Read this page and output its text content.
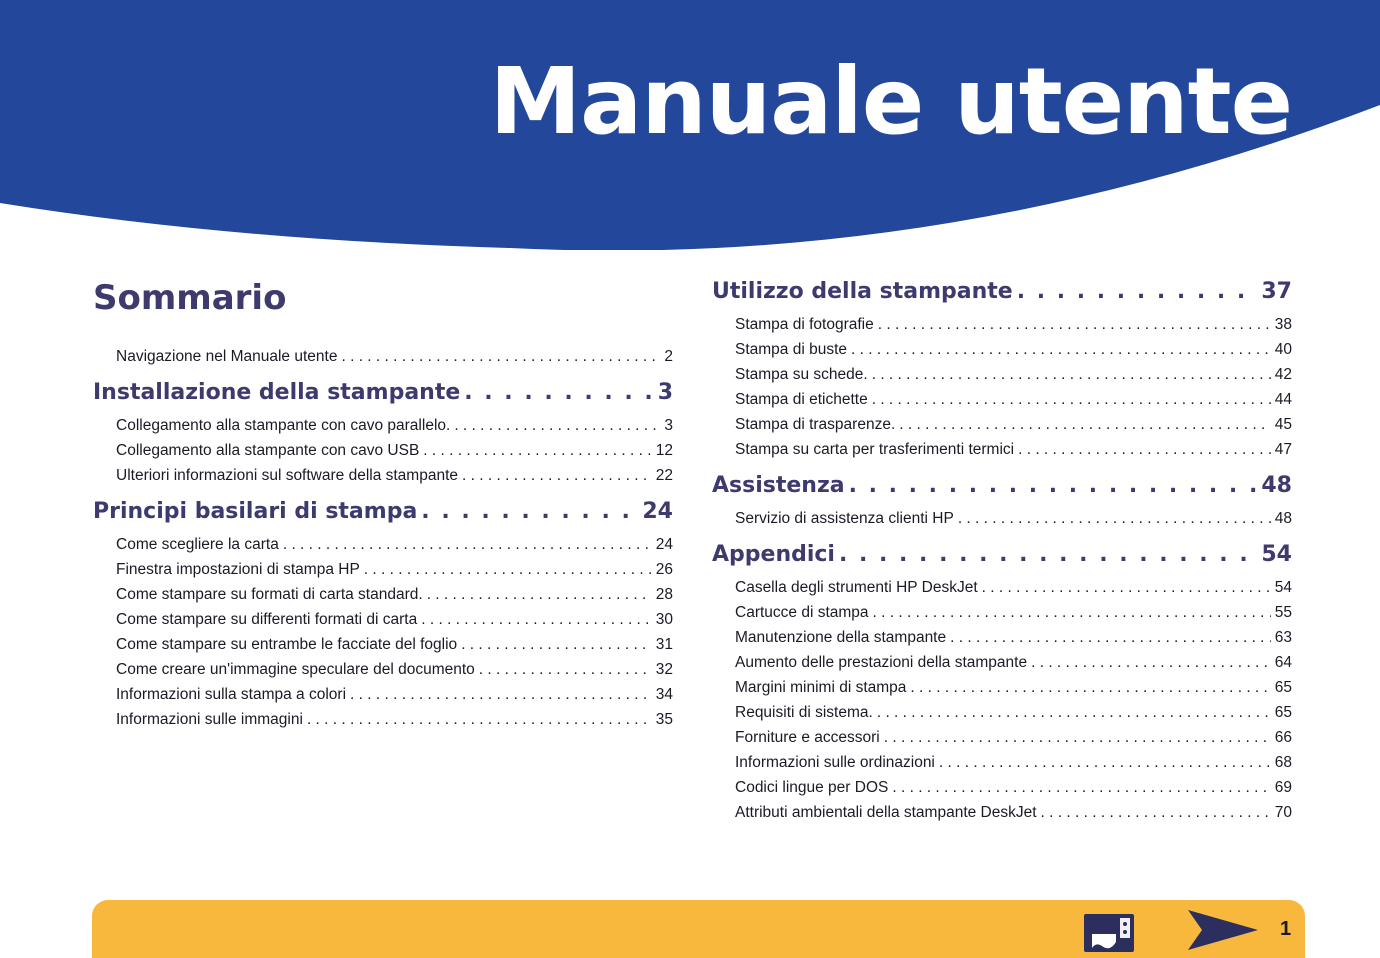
Manuale utente
Sommario
Navigazione nel Manuale utente . . .	2
Installazione della stampante . . .	3
Collegamento alla stampante con cavo parallelo. . . .	3
Collegamento alla stampante con cavo USB . . .	12
Ulteriori informazioni sul software della stampante . . .	22
Principi basilari di stampa . . .	24
Come scegliere la carta . . .	24
Finestra impostazioni di stampa HP . . .	26
Come stampare su formati di carta standard. . . .	28
Come stampare su differenti formati di carta . . .	30
Come stampare su entrambe le facciate del foglio . . .	31
Come creare un'immagine speculare del documento . . .	32
Informazioni sulla stampa a colori . . .	34
Informazioni sulle immagini . . .	35
Utilizzo della stampante . . .	37
Stampa di fotografie . . .	38
Stampa di buste . . .	40
Stampa su schede. . . .	42
Stampa di etichette . . .	44
Stampa di trasparenze. . . .	45
Stampa su carta per trasferimenti termici . . .	47
Assistenza . . .	48
Servizio di assistenza clienti HP . . .	48
Appendici . . .	54
Casella degli strumenti HP DeskJet . . .	54
Cartucce di stampa . . .	55
Manutenzione della stampante . . .	63
Aumento delle prestazioni della stampante . . .	64
Margini minimi di stampa . . .	65
Requisiti di sistema. . . .	65
Forniture e accessori . . .	66
Informazioni sulle ordinazioni . . .	68
Codici lingue per DOS . . .	69
Attributi ambientali della stampante DeskJet . . .	70
1
